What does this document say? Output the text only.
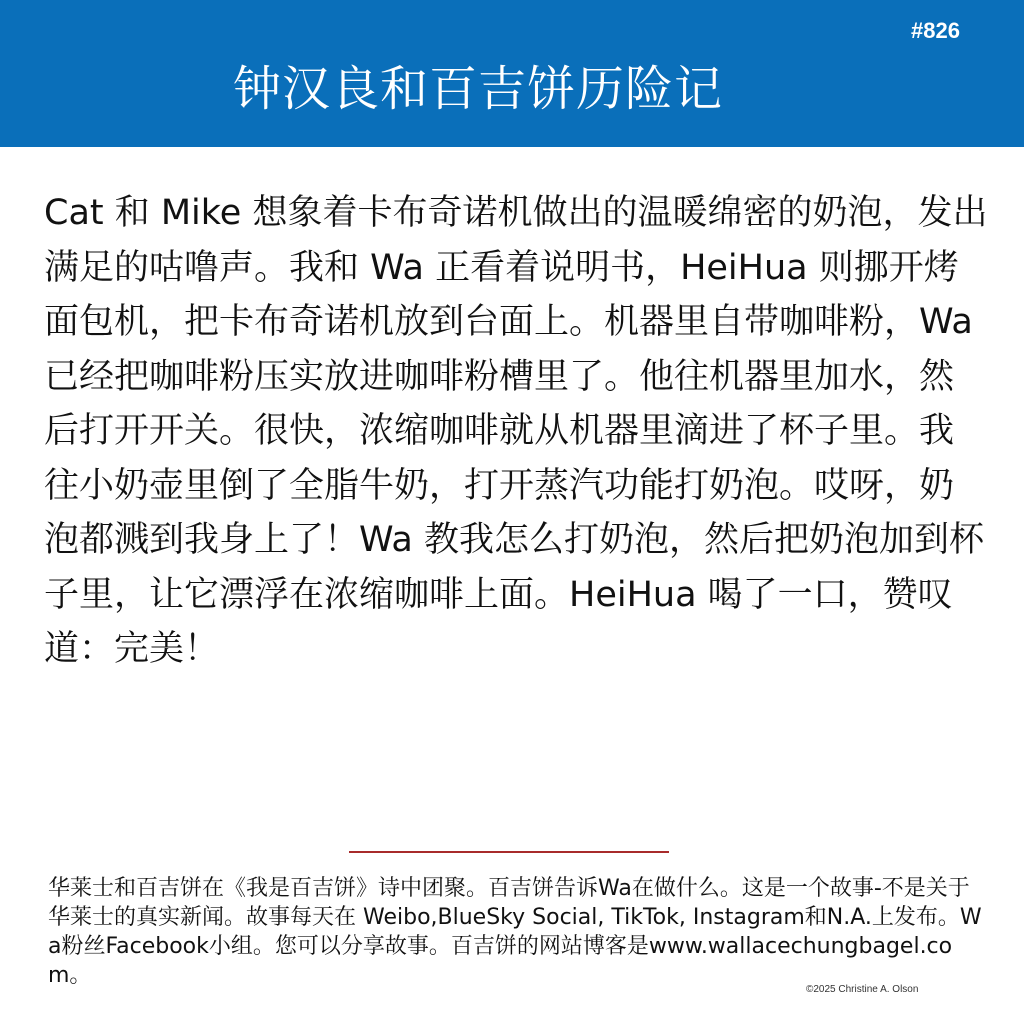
#826
钟汉良和百吉饼历险记

Cat 和 Mike 想象着卡布奇诺机做出的温暖绵密的奶泡，发出满足的咕噜声。我和 Wa 正看着说明书，HeiHua 则挪开烤面包机，把卡布奇诺机放到台面上。机器里自带咖啡粉，Wa 已经把咖啡粉压实放进咖啡粉槽里了。他往机器里加水，然后打开开关。很快，浓缩咖啡就从机器里滴进了杯子里。我往小奶壶里倒了全脂牛奶，打开蒸汽功能打奶泡。哎呀，奶泡都溅到我身上了！Wa 教我怎么打奶泡，然后把奶泡加到杯子里，让它漂浮在浓缩咖啡上面。HeiHua 喝了一口，赞叹道：完美！

华莱士和百吉饼在《我是百吉饼》诗中团聚。百吉饼告诉Wa在做什么。这是一个故事-不是关于华莱士的真实新闻。故事每天在 Weibo,BlueSky Social, TikTok, Instagram和N.A.上发布。Wa粉丝Facebook小组。您可以分享故事。百吉饼的网站博客是www.wallacechungbagel.com。

©2025 Christine A. Olson
